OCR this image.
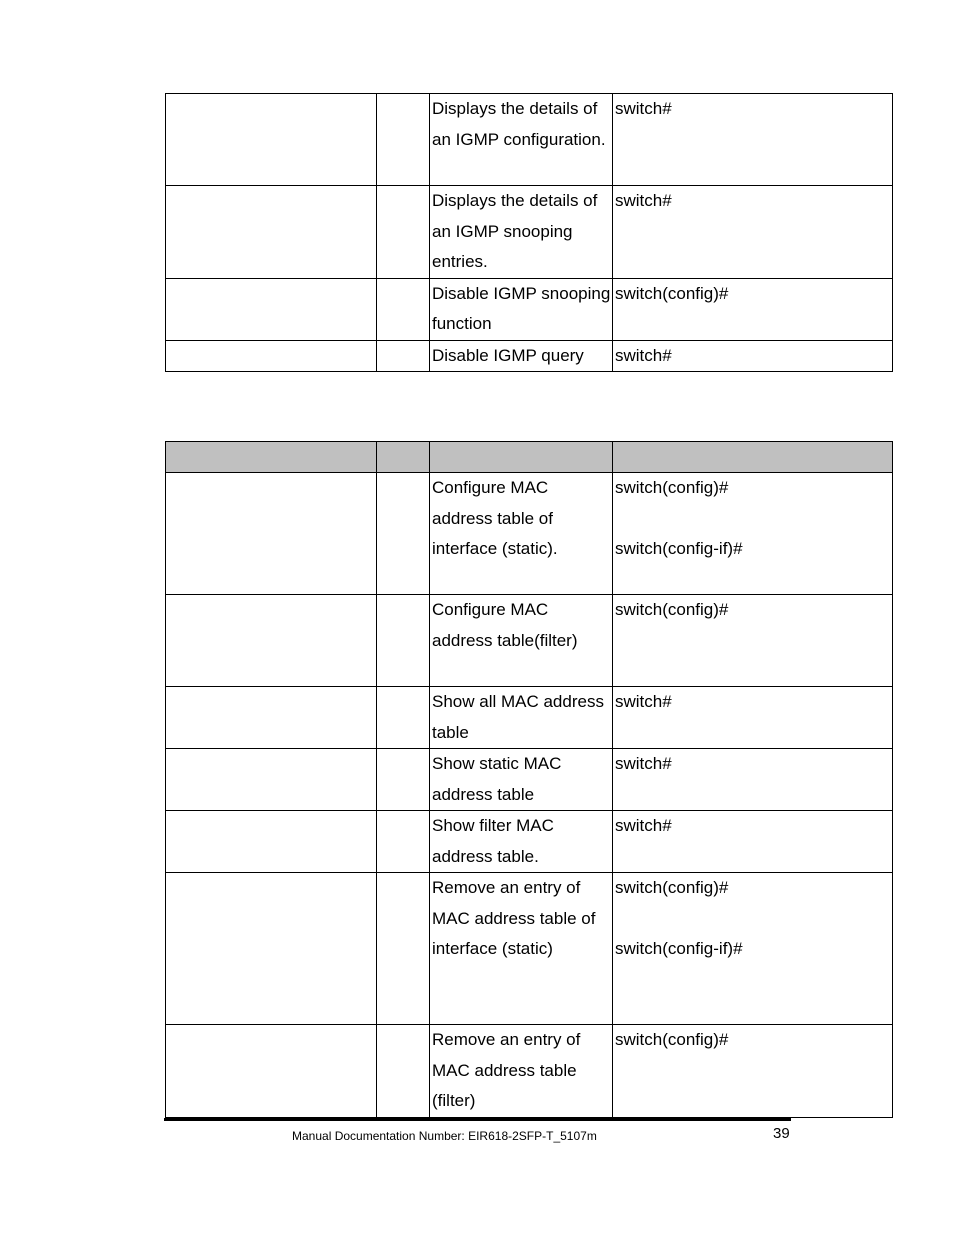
		Displays the details of an IGMP configuration.	switch#
		Displays the details of an IGMP snooping entries.	switch#
		Disable IGMP snooping function	switch(config)#
		Disable IGMP query	switch#

		Configure MAC address table of interface (static).	switch(config)#

switch(config-if)#
		Configure MAC address table(filter)	switch(config)#
		Show all MAC address table	switch#
		Show static MAC address table	switch#
		Show filter MAC address table.	switch#
		Remove an entry of MAC address table of interface (static)	switch(config)#

switch(config-if)#
		Remove an entry of MAC address table (filter)	switch(config)#
Manual Documentation Number: EIR618-2SFP-T_5107m	39
